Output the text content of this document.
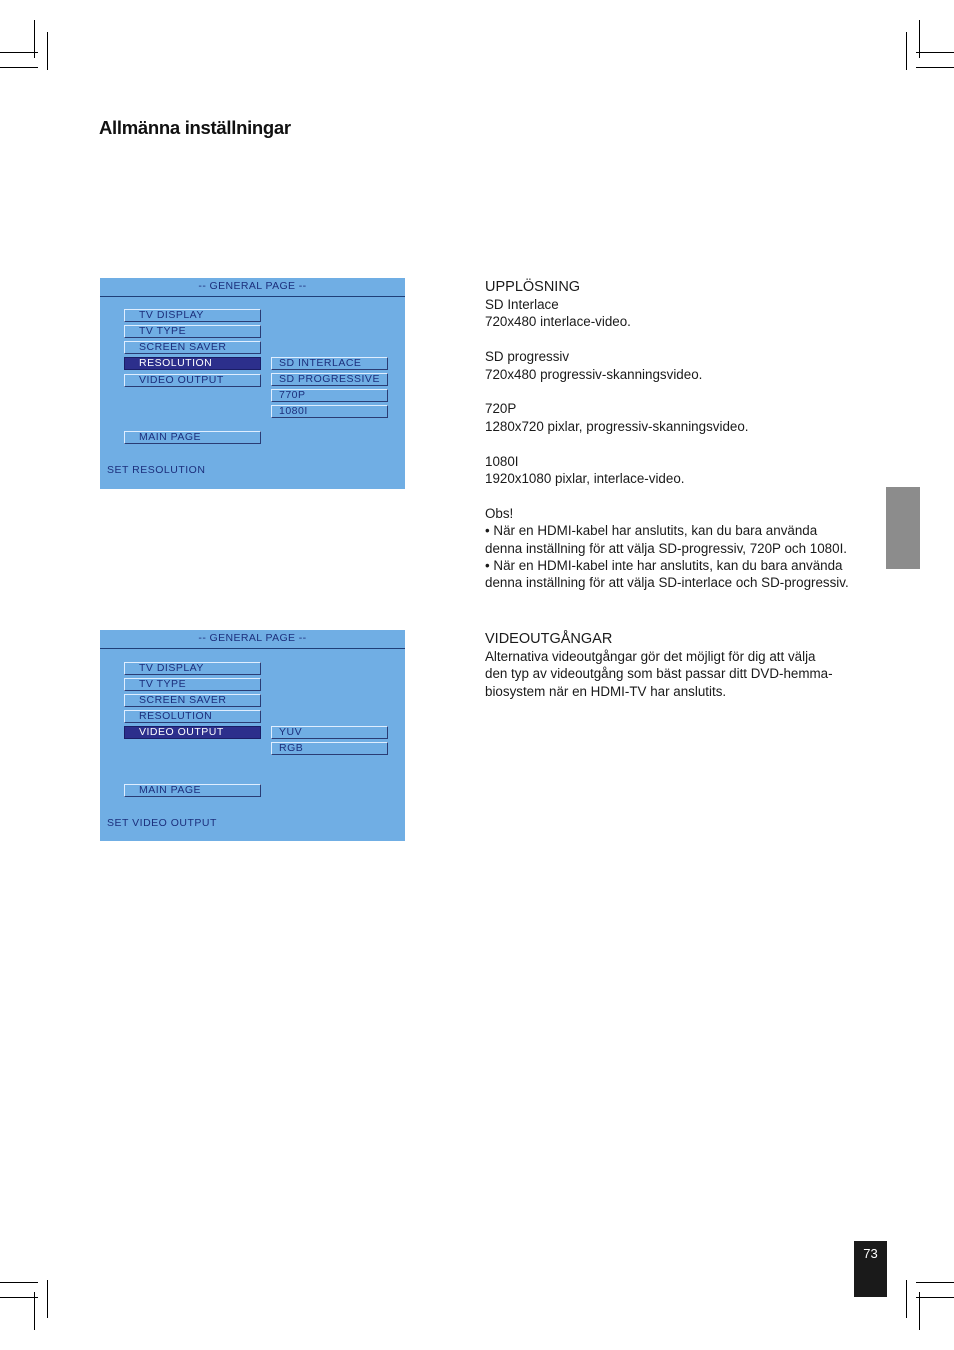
Allmänna inställningar
-- GENERAL PAGE --
TV DISPLAY
TV TYPE
SCREEN SAVER
RESOLUTION
VIDEO OUTPUT
SD INTERLACE
SD PROGRESSIVE
770P
1080I
MAIN PAGE
SET RESOLUTION
-- GENERAL PAGE --
TV DISPLAY
TV TYPE
SCREEN SAVER
RESOLUTION
VIDEO OUTPUT	YUV
RGB
MAIN PAGE
SET VIDEO OUTPUT
UPPLÖSNING

SD Interlace

720x480 interlace-video.

SD progressiv

720x480 progressiv-skanningsvideo.

720P

1280x720 pixlar, progressiv-skanningsvideo.

1080I

1920x1080 pixlar, interlace-video.

Obs!

• När en HDMI-kabel har anslutits, kan du bara använda

denna inställning för att välja SD-progressiv, 720P och 1080I.

• När en HDMI-kabel inte har anslutits, kan du bara använda

denna inställning för att välja SD-interlace och SD-progressiv.

VIDEOUTGÅNGAR

Alternativa videoutgångar gör det möjligt för dig att välja

den typ av videoutgång som bäst passar ditt DVD-hemma-

biosystem när en HDMI-TV har anslutits.

73
